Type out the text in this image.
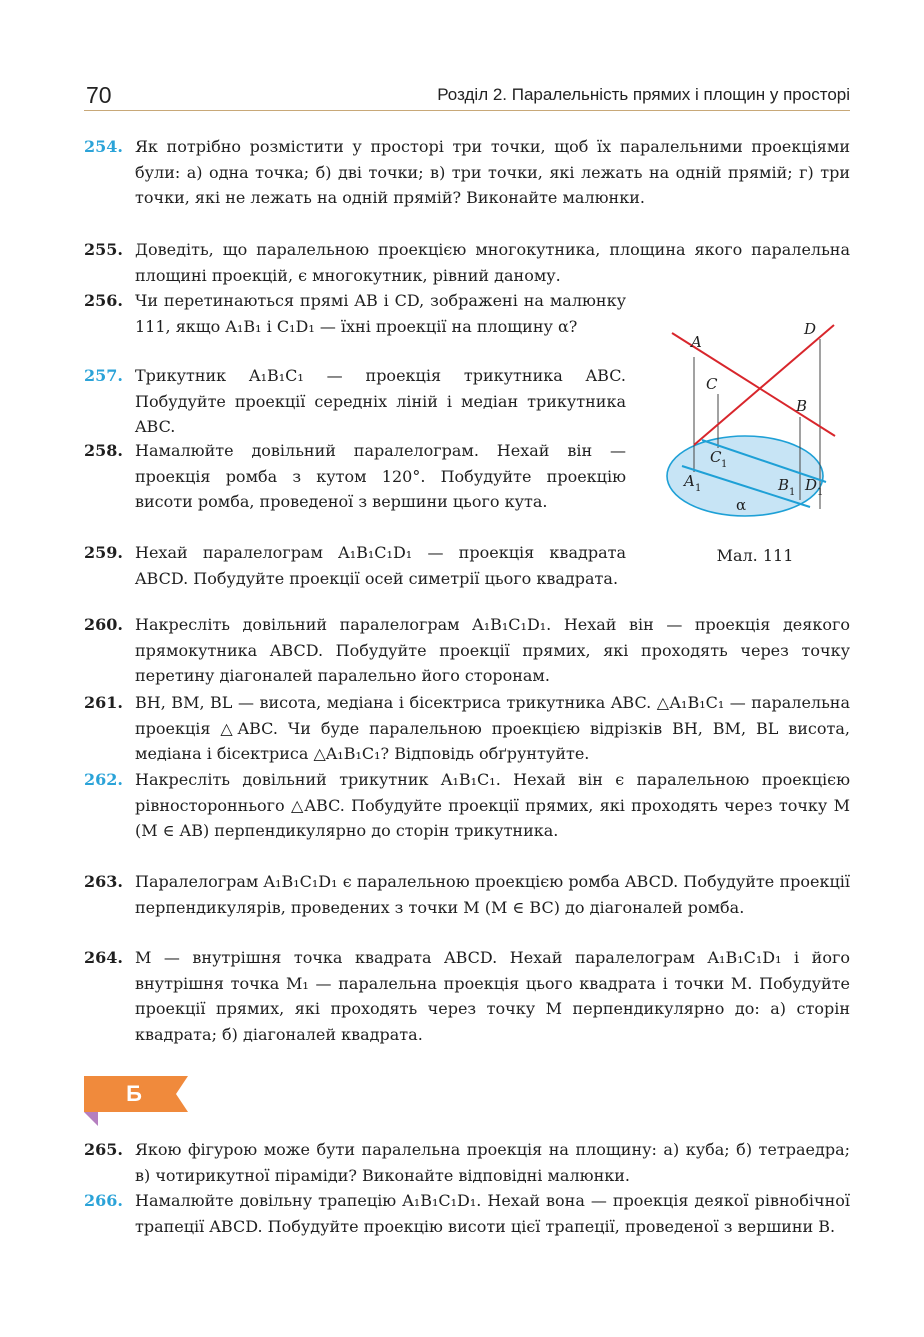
70	Розділ 2. Паралельність прямих і площин у просторі
254. Як потрібно розмістити у просторі три точки, щоб їх паралельними проекціями були: а) одна точка; б) дві точки; в) три точки, які лежать на одній прямій; г) три точки, які не лежать на одній прямій? Виконайте малюнки.
255. Доведіть, що паралельною проекцією многокутника, площина якого паралельна площині проекцій, є многокутник, рівний даному.
256. Чи перетинаються прямі AB і CD, зображені на малюнку 111, якщо A₁B₁ і C₁D₁ — їхні проекції на площину α?
257. Трикутник A₁B₁C₁ — проекція трикутника ABC. Побудуйте проекції середніх ліній і медіан трикутника ABC.
258. Намалюйте довільний паралелограм. Нехай він — проекція ромба з кутом 120°. Побудуйте проекцію висоти ромба, проведеної з вершини цього кута.
259. Нехай паралелограм A₁B₁C₁D₁ — проекція квадрата ABCD. Побудуйте проекції осей симетрії цього квадрата.
A
D
C
B
C 1
A 1	B 1 D 1
α
Мал. 111
260. Накресліть довільний паралелограм A₁B₁C₁D₁. Нехай він — проекція деякого прямокутника ABCD. Побудуйте проекції прямих, які проходять через точку перетину діагоналей паралельно його сторонам.
261. BH, BM, BL — висота, медіана і бісектриса трикутника ABC. △A₁B₁C₁ — паралельна проекція △ABC. Чи буде паралельною проекцією відрізків BH, BM, BL висота, медіана і бісектриса △A₁B₁C₁? Відповідь обґрунтуйте.
262. Накресліть довільний трикутник A₁B₁C₁. Нехай він є паралельною проекцією рівностороннього △ABC. Побудуйте проекції прямих, які проходять через точку M (M ∈ AB) перпендикулярно до сторін трикутника.
263. Паралелограм A₁B₁C₁D₁ є паралельною проекцією ромба ABCD. Побудуйте проекції перпендикулярів, проведених з точки M (M ∈ BC) до діагоналей ромба.
264. M — внутрішня точка квадрата ABCD. Нехай паралелограм A₁B₁C₁D₁ і його внутрішня точка M₁ — паралельна проекція цього квадрата і точки M. Побудуйте проекції прямих, які проходять через точку M перпендикулярно до: а) сторін квадрата; б) діагоналей квадрата.
Б
265. Якою фігурою може бути паралельна проекція на площину: а) куба; б) тетраедра; в) чотирикутної піраміди? Виконайте відповідні малюнки.
266. Намалюйте довільну трапецію A₁B₁C₁D₁. Нехай вона — проекція деякої рівнобічної трапеції ABCD. Побудуйте проекцію висоти цієї трапеції, проведеної з вершини B.
